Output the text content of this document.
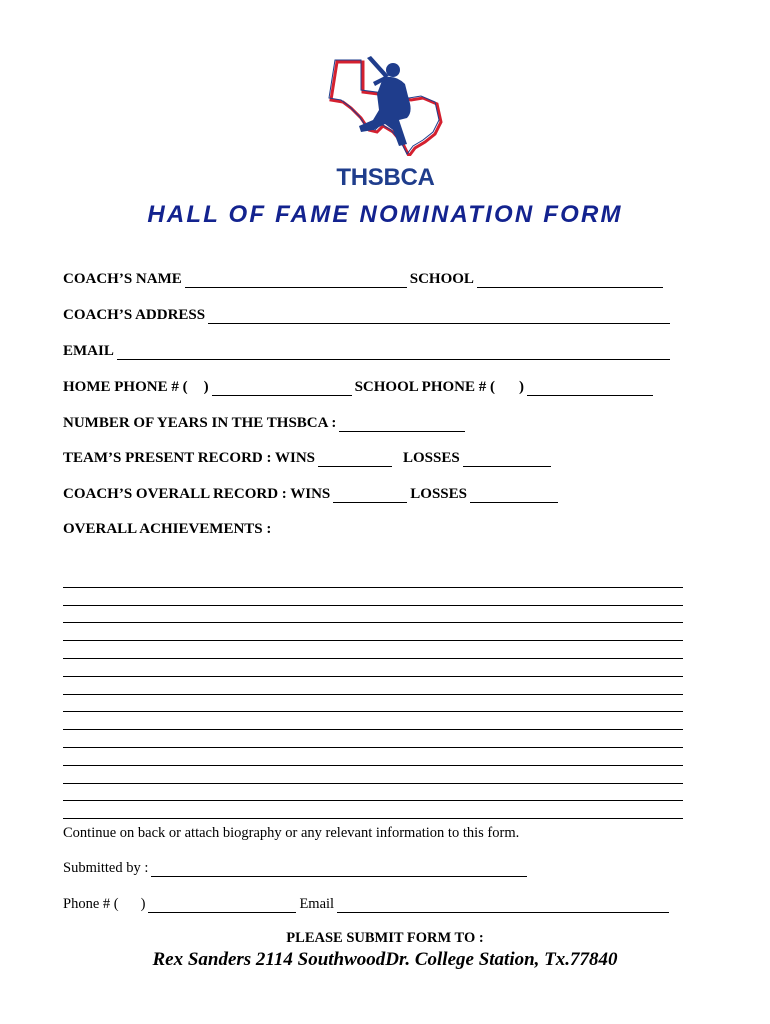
THSBCA
HALL OF FAME NOMINATION FORM
COACH’S NAME	SCHOOL
COACH’S ADDRESS
EMAIL
HOME PHONE # ( )	SCHOOL PHONE # ( )
NUMBER OF YEARS IN THE THSBCA :
TEAM’S PRESENT RECORD : WINS	LOSSES
COACH’S OVERALL RECORD : WINS	LOSSES
OVERALL ACHIEVEMENTS :
Continue on back or attach biography or any relevant information to this form.
Submitted by :
Phone # ( )	Email
PLEASE SUBMIT FORM TO :
Rex Sanders 2114 SouthwoodDr. College Station, Tx.77840
